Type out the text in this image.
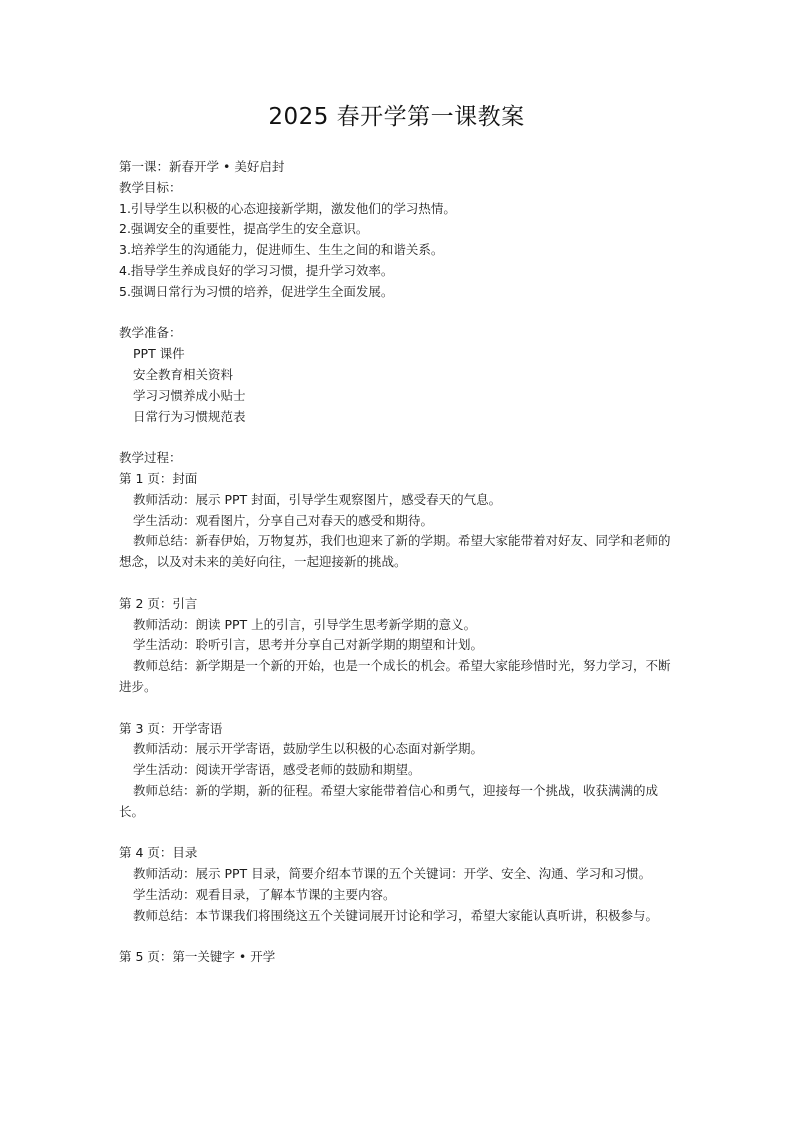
2025 春开学第一课教案
第一课：新春开学 • 美好启封
教学目标：
1.引导学生以积极的心态迎接新学期，激发他们的学习热情。
2.强调安全的重要性，提高学生的安全意识。
3.培养学生的沟通能力，促进师生、生生之间的和谐关系。
4.指导学生养成良好的学习习惯，提升学习效率。
5.强调日常行为习惯的培养，促进学生全面发展。
教学准备：
PPT 课件
安全教育相关资料
学习习惯养成小贴士
日常行为习惯规范表
教学过程：
第 1 页：封面
教师活动：展示 PPT 封面，引导学生观察图片，感受春天的气息。
学生活动：观看图片，分享自己对春天的感受和期待。
教师总结：新春伊始，万物复苏，我们也迎来了新的学期。希望大家能带着对好友、同学和老师的想念，以及对未来的美好向往，一起迎接新的挑战。
第 2 页：引言
教师活动：朗读 PPT 上的引言，引导学生思考新学期的意义。
学生活动：聆听引言，思考并分享自己对新学期的期望和计划。
教师总结：新学期是一个新的开始，也是一个成长的机会。希望大家能珍惜时光，努力学习，不断进步。
第 3 页：开学寄语
教师活动：展示开学寄语，鼓励学生以积极的心态面对新学期。
学生活动：阅读开学寄语，感受老师的鼓励和期望。
教师总结：新的学期，新的征程。希望大家能带着信心和勇气，迎接每一个挑战，收获满满的成长。
第 4 页：目录
教师活动：展示 PPT 目录，简要介绍本节课的五个关键词：开学、安全、沟通、学习和习惯。
学生活动：观看目录，了解本节课的主要内容。
教师总结：本节课我们将围绕这五个关键词展开讨论和学习，希望大家能认真听讲，积极参与。
第 5 页：第一关键字 • 开学
